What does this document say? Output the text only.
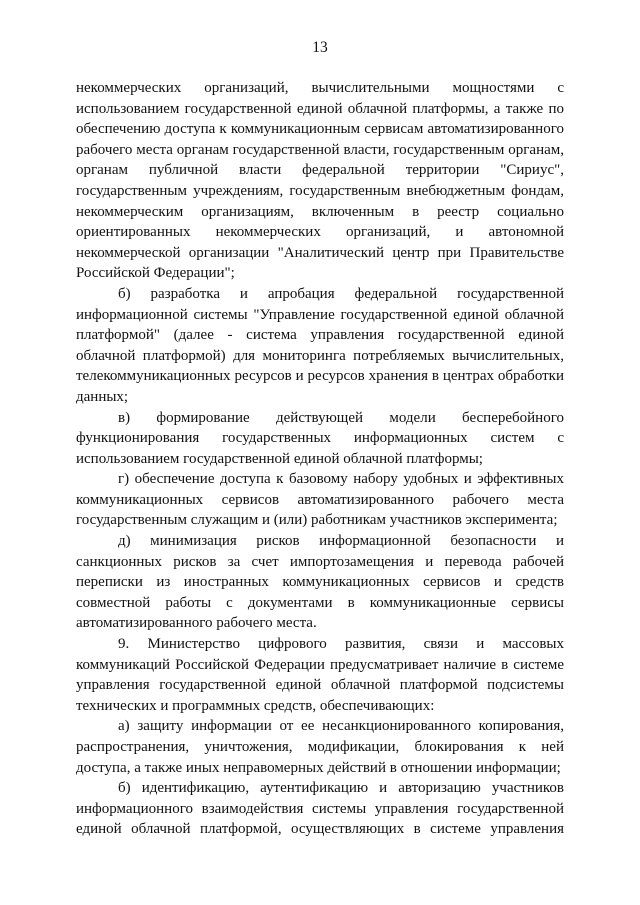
13

некоммерческих организаций, вычислительными мощностями с использованием государственной единой облачной платформы, а также по обеспечению доступа к коммуникационным сервисам автоматизированного рабочего места органам государственной власти, государственным органам, органам публичной власти федеральной территории "Сириус", государственным учреждениям, государственным внебюджетным фондам, некоммерческим организациям, включенным в реестр социально ориентированных некоммерческих организаций, и автономной некоммерческой организации "Аналитический центр при Правительстве Российской Федерации";

б) разработка и апробация федеральной государственной информационной системы "Управление государственной единой облачной платформой" (далее - система управления государственной единой облачной платформой) для мониторинга потребляемых вычислительных, телекоммуникационных ресурсов и ресурсов хранения в центрах обработки данных;

в) формирование действующей модели бесперебойного функционирования государственных информационных систем с использованием государственной единой облачной платформы;

г) обеспечение доступа к базовому набору удобных и эффективных коммуникационных сервисов автоматизированного рабочего места государственным служащим и (или) работникам участников эксперимента;

д) минимизация рисков информационной безопасности и санкционных рисков за счет импортозамещения и перевода рабочей переписки из иностранных коммуникационных сервисов и средств совместной работы с документами в коммуникационные сервисы автоматизированного рабочего места.

9. Министерство цифрового развития, связи и массовых коммуникаций Российской Федерации предусматривает наличие в системе управления государственной единой облачной платформой подсистемы технических и программных средств, обеспечивающих:

а) защиту информации от ее несанкционированного копирования, распространения, уничтожения, модификации, блокирования к ней доступа, а также иных неправомерных действий в отношении информации;

б) идентификацию, аутентификацию и авторизацию участников информационного взаимодействия системы управления государственной единой облачной платформой, осуществляющих в системе управления
